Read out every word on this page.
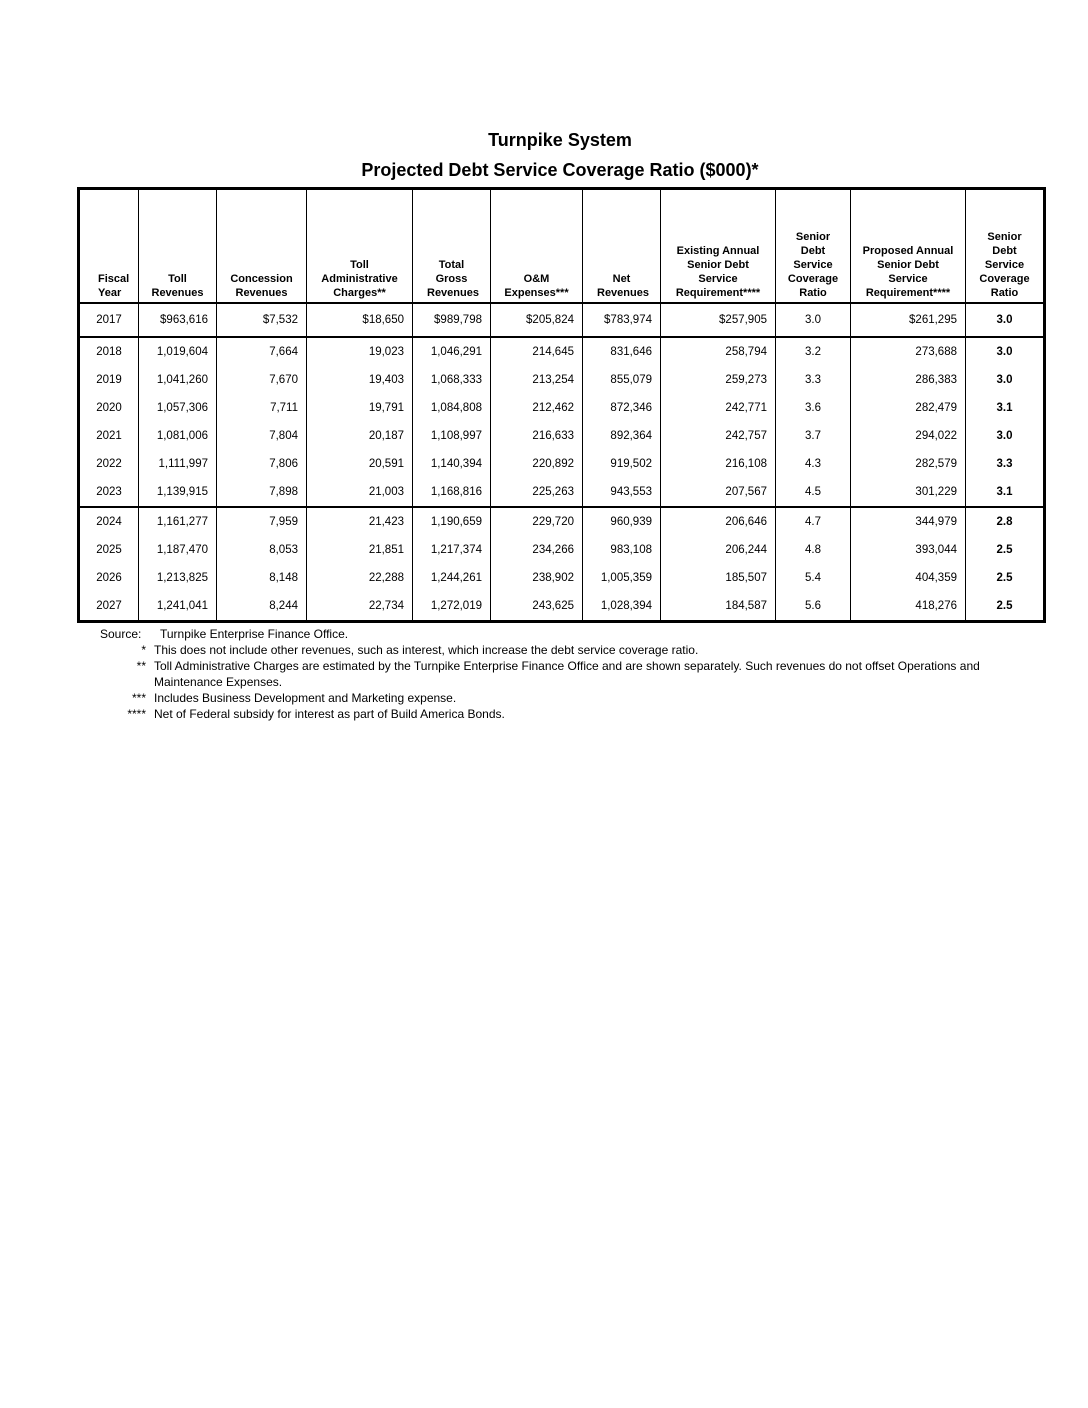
Turnpike System
Projected Debt Service Coverage Ratio ($000)*
Fiscal Year	Toll Revenues	Concession Revenues	Toll Administrative Charges**	Total Gross Revenues	O&M Expenses***	Net Revenues	Existing Annual Senior Debt Service Requirement****	Senior Debt Service Coverage Ratio	Proposed Annual Senior Debt Service Requirement****	Senior Debt Service Coverage Ratio
2017	$963,616	$7,532	$18,650	$989,798	$205,824	$783,974	$257,905	3.0	$261,295	3.0
2018	1,019,604	7,664	19,023	1,046,291	214,645	831,646	258,794	3.2	273,688	3.0
2019	1,041,260	7,670	19,403	1,068,333	213,254	855,079	259,273	3.3	286,383	3.0
2020	1,057,306	7,711	19,791	1,084,808	212,462	872,346	242,771	3.6	282,479	3.1
2021	1,081,006	7,804	20,187	1,108,997	216,633	892,364	242,757	3.7	294,022	3.0
2022	1,111,997	7,806	20,591	1,140,394	220,892	919,502	216,108	4.3	282,579	3.3
2023	1,139,915	7,898	21,003	1,168,816	225,263	943,553	207,567	4.5	301,229	3.1
2024	1,161,277	7,959	21,423	1,190,659	229,720	960,939	206,646	4.7	344,979	2.8
2025	1,187,470	8,053	21,851	1,217,374	234,266	983,108	206,244	4.8	393,044	2.5
2026	1,213,825	8,148	22,288	1,244,261	238,902	1,005,359	185,507	5.4	404,359	2.5
2027	1,241,041	8,244	22,734	1,272,019	243,625	1,028,394	184,587	5.6	418,276	2.5
Source:	Turnpike Enterprise Finance Office.
* This does not include other revenues, such as interest, which increase the debt service coverage ratio.
** Toll Administrative Charges are estimated by the Turnpike Enterprise Finance Office and are shown separately. Such revenues do not offset Operations and Maintenance Expenses.
*** Includes Business Development and Marketing expense.
**** Net of Federal subsidy for interest as part of Build America Bonds.
